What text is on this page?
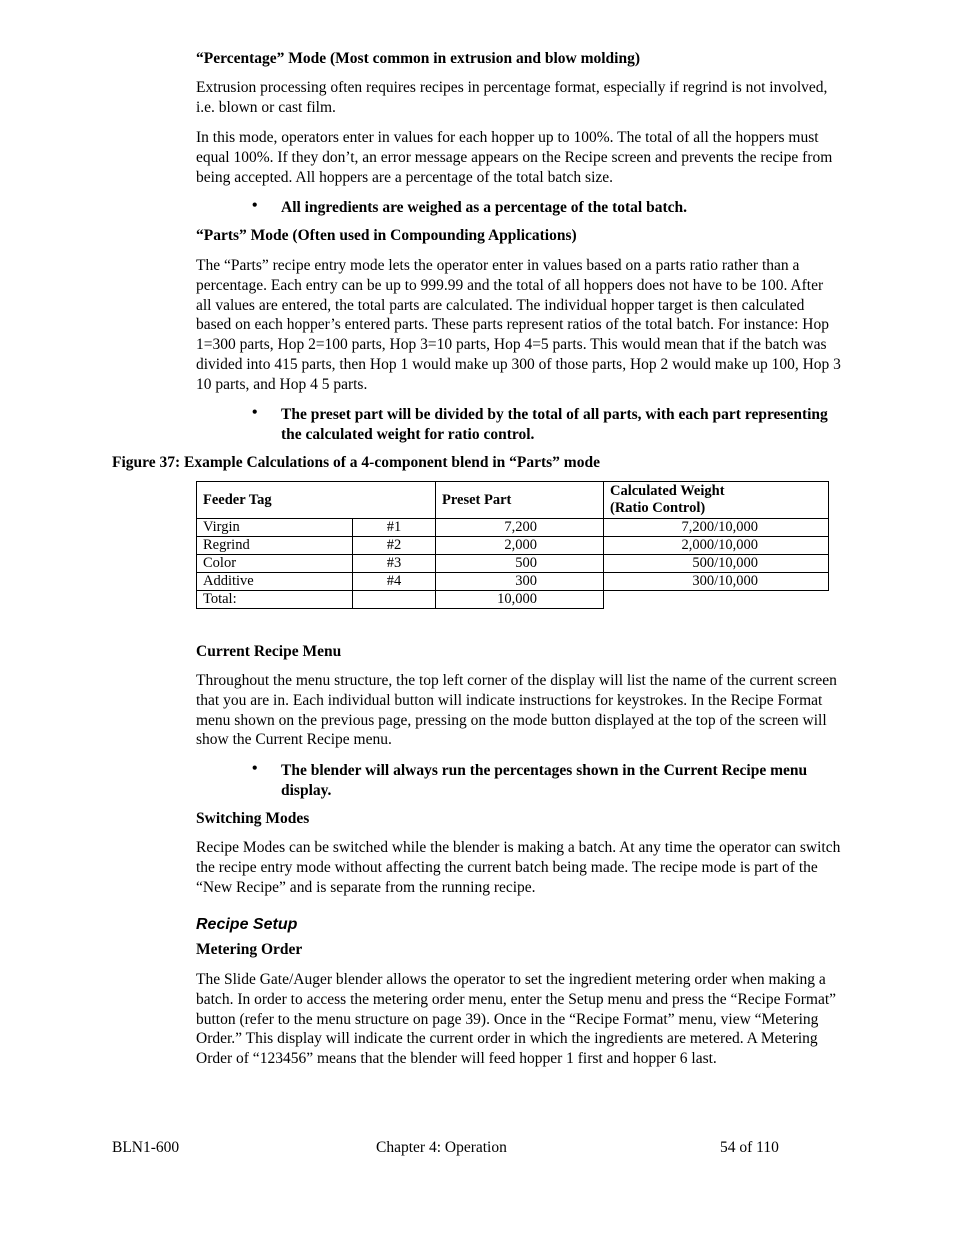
“Percentage” Mode (Most common in extrusion and blow molding)
Extrusion processing often requires recipes in percentage format, especially if regrind is not involved, i.e. blown or cast film.
In this mode, operators enter in values for each hopper up to 100%. The total of all the hoppers must equal 100%. If they don’t, an error message appears on the Recipe screen and prevents the recipe from being accepted. All hoppers are a percentage of the total batch size.
• All ingredients are weighed as a percentage of the total batch.
“Parts” Mode (Often used in Compounding Applications)
The “Parts” recipe entry mode lets the operator enter in values based on a parts ratio rather than a percentage. Each entry can be up to 999.99 and the total of all hoppers does not have to be 100. After all values are entered, the total parts are calculated. The individual hopper target is then calculated based on each hopper’s entered parts. These parts represent ratios of the total batch. For instance: Hop 1=300 parts, Hop 2=100 parts, Hop 3=10 parts, Hop 4=5 parts. This would mean that if the batch was divided into 415 parts, then Hop 1 would make up 300 of those parts, Hop 2 would make up 100, Hop 3 10 parts, and Hop 4 5 parts.
• The preset part will be divided by the total of all parts, with each part representing the calculated weight for ratio control.
Figure 37: Example Calculations of a 4-component blend in “Parts” mode
Feeder Tag		Preset Part	Calculated Weight
(Ratio Control)
Virgin	#1	7,200	7,200/10,000
Regrind	#2	2,000	2,000/10,000
Color	#3	500	500/10,000
Additive	#4	300	300/10,000
Total:		10,000	
Current Recipe Menu
Throughout the menu structure, the top left corner of the display will list the name of the current screen that you are in. Each individual button will indicate instructions for keystrokes. In the Recipe Format menu shown on the previous page, pressing on the mode button displayed at the top of the screen will show the Current Recipe menu.
• The blender will always run the percentages shown in the Current Recipe menu display.
Switching Modes
Recipe Modes can be switched while the blender is making a batch. At any time the operator can switch the recipe entry mode without affecting the current batch being made. The recipe mode is part of the “New Recipe” and is separate from the running recipe.
Recipe Setup
Metering Order
The Slide Gate/Auger blender allows the operator to set the ingredient metering order when making a batch. In order to access the metering order menu, enter the Setup menu and press the “Recipe Format” button (refer to the menu structure on page 39). Once in the “Recipe Format” menu, view “Metering Order.” This display will indicate the current order in which the ingredients are metered. A Metering Order of “123456” means that the blender will feed hopper 1 first and hopper 6 last.
BLN1-600	Chapter 4: Operation	54 of 110
